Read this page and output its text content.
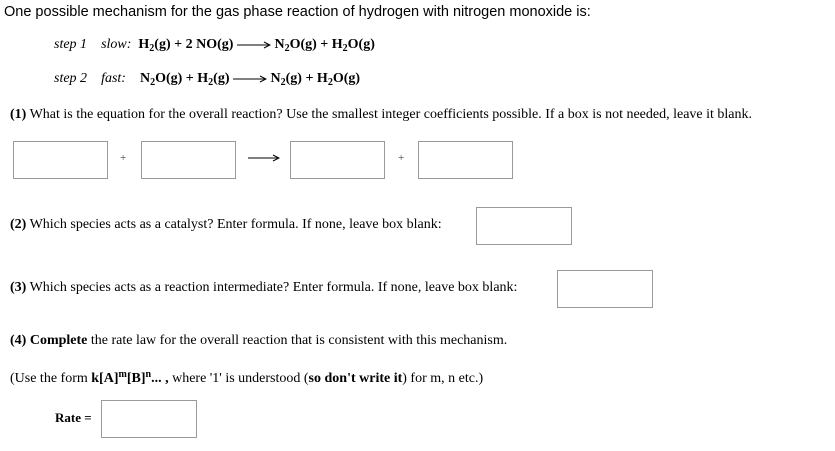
One possible mechanism for the gas phase reaction of hydrogen with nitrogen monoxide is:
step 1 slow: $H_2(g) + 2$ $NO(g) \to N_2O(g) + H_2O(g)$
step 2 fast: $N_2O(g) + H_2(g) \to N_2(g) + H_2O(g)$
(1) What is the equation for the overall reaction? Use the smallest integer coefficients possible. If a box is not needed, leave it blank.
+	+
(2) Which species acts as a catalyst? Enter formula. If none, leave box blank:
(3) Which species acts as a reaction intermediate? Enter formula. If none, leave box blank:
(4) Complete the rate law for the overall reaction that is consistent with this mechanism.
(Use the form $k[A]^m[B]^n$... , where '1' is understood (so don't write it) for m, n etc.)
Rate =
